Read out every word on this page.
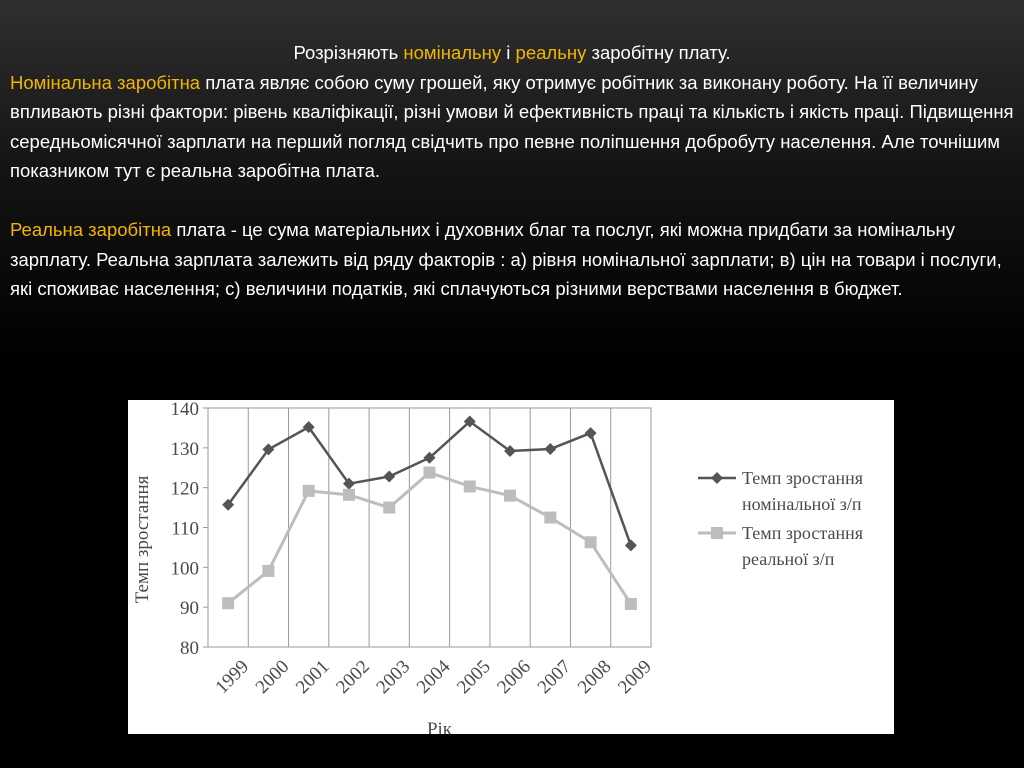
Розрізняють номінальну і реальну заробітну плату.

Номінальна заробітна плата являє собою суму грошей, яку отримує робітник за виконану роботу. На її величину впливають різні фактори: рівень кваліфікації, різні умови й ефективність праці та кількість і якість праці. Підвищення середньомісячної зарплати на перший погляд свідчить про певне поліпшення добробуту населення. Але точнішим показником тут є реальна заробітна плата.

Реальна заробітна плата - це сума матеріальних і духовних благ та послуг, які можна придбати за номінальну зарплату. Реальна зарплата залежить від ряду факторів : а) рівня номінальної зарплати; в) цін на товари і послуги, які споживає населення; с) величини податків, які сплачуються різними верствами населення в бюджет.

80
90
100
110
120
130
140
1999
2000
2001
2002
2003
2004
2005
2006
2007
2008
2009
Темп зростання
Рік
Темп зростання номінальної з/п
Темп зростання реальної з/п
